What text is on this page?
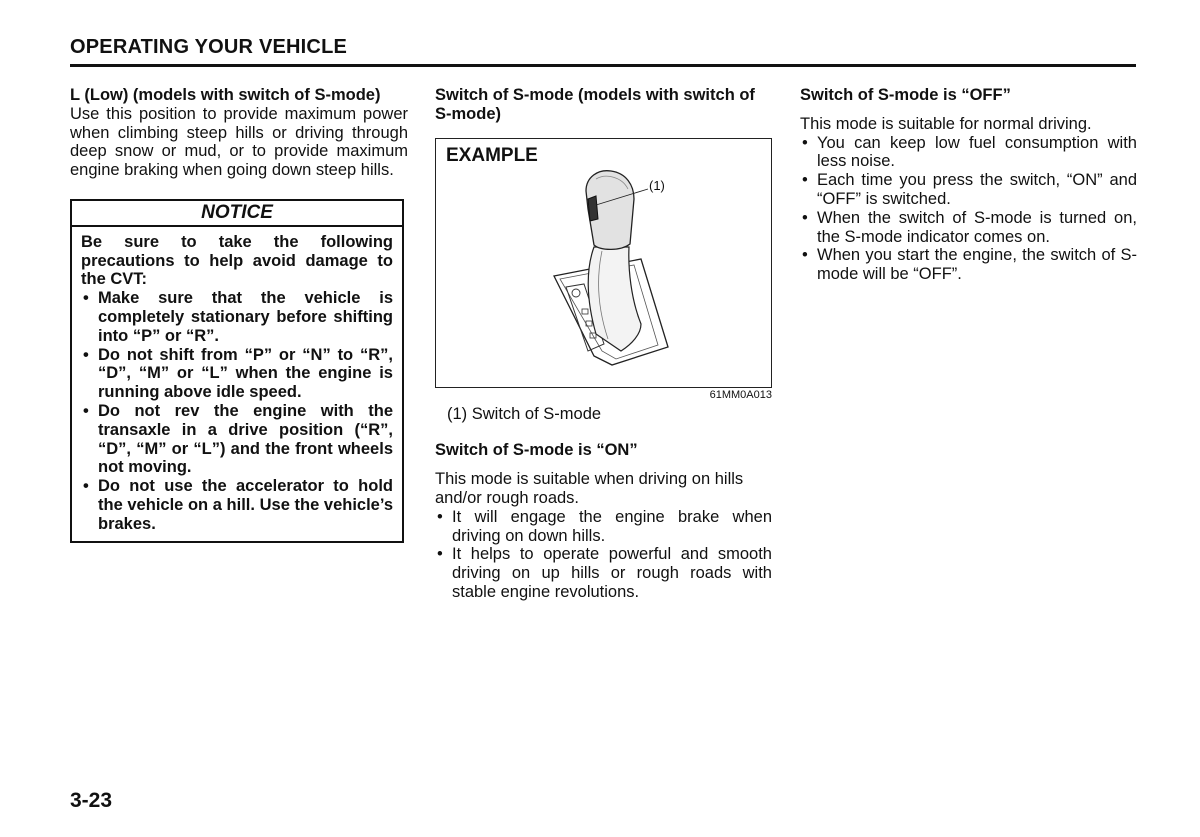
OPERATING YOUR VEHICLE

L (Low) (models with switch of S-mode)

Use this position to provide maximum power when climbing steep hills or driving through deep snow or mud, or to provide maximum engine braking when going down steep hills.

NOTICE

Be sure to take the following precautions to help avoid damage to the CVT:

• Make sure that the vehicle is completely stationary before shifting into “P” or “R”.
• Do not shift from “P” or “N” to “R”, “D”, “M” or “L” when the engine is running above idle speed.
• Do not rev the engine with the transaxle in a drive position (“R”, “D”, “M” or “L”) and the front wheels not moving.
• Do not use the accelerator to hold the vehicle on a hill. Use the vehicle’s brakes.

Switch of S-mode (models with switch of S-mode)

EXAMPLE
(1)
61MM0A013

(1) Switch of S-mode

Switch of S-mode is “ON”

This mode is suitable when driving on hills and/or rough roads.

• It will engage the engine brake when driving on down hills.
• It helps to operate powerful and smooth driving on up hills or rough roads with stable engine revolutions.

Switch of S-mode is “OFF”

This mode is suitable for normal driving.

• You can keep low fuel consumption with less noise.
• Each time you press the switch, “ON” and “OFF” is switched.
• When the switch of S-mode is turned on, the S-mode indicator comes on.
• When you start the engine, the switch of S-mode will be “OFF”.
3-23
